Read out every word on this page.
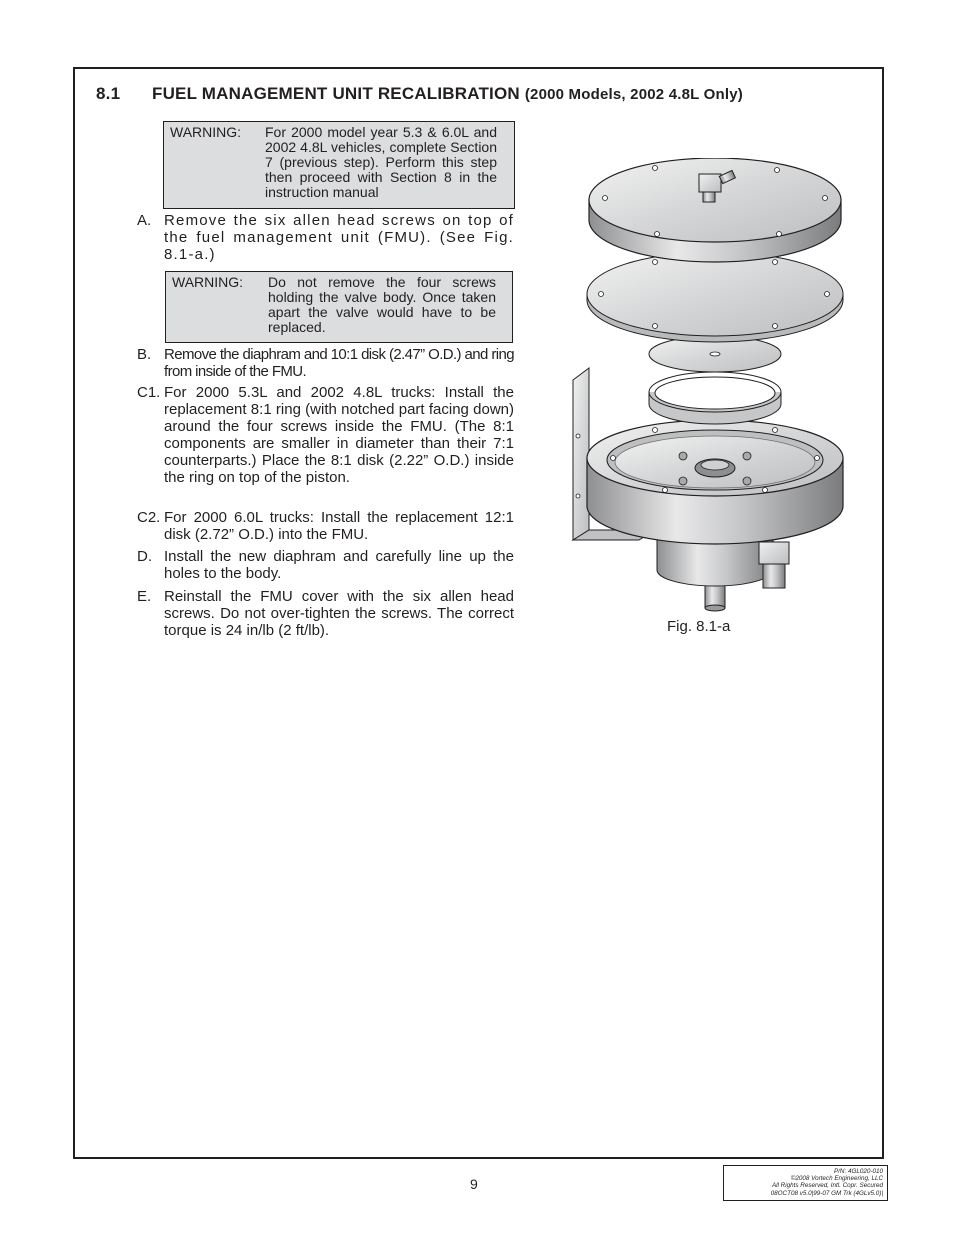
8.1 FUEL MANAGEMENT UNIT RECALIBRATION (2000 Models, 2002 4.8L Only)
WARNING: For 2000 model year 5.3 & 6.0L and 2002 4.8L vehicles, complete Section 7 (previous step). Perform this step then proceed with Section 8 in the instruction manual
A. Remove the six allen head screws on top of the fuel management unit (FMU). (See Fig. 8.1-a.)
WARNING: Do not remove the four screws holding the valve body. Once taken apart the valve would have to be replaced.
B. Remove the diaphram and 10:1 disk (2.47” O.D.) and ring from inside of the FMU.
C1. For 2000 5.3L and 2002 4.8L trucks: Install the replacement 8:1 ring (with notched part facing down) around the four screws inside the FMU. (The 8:1 components are smaller in diameter than their 7:1 counterparts.) Place the 8:1 disk (2.22” O.D.) inside the ring on top of the piston.
C2. For 2000 6.0L trucks: Install the replacement 12:1 disk (2.72” O.D.) into the FMU.
D. Install the new diaphram and carefully line up the holes to the body.
E. Reinstall the FMU cover with the six allen head screws. Do not over-tighten the screws. The correct torque is 24 in/lb (2 ft/lb).	Fig. 8.1-a
9
P/N: 4GL020-010
©2008 Vortech Engineering, LLC
All Rights Reserved, Intl. Copr. Secured
08OCT08 v5.0|99-07 GM Trk (4GLv5.0)|
